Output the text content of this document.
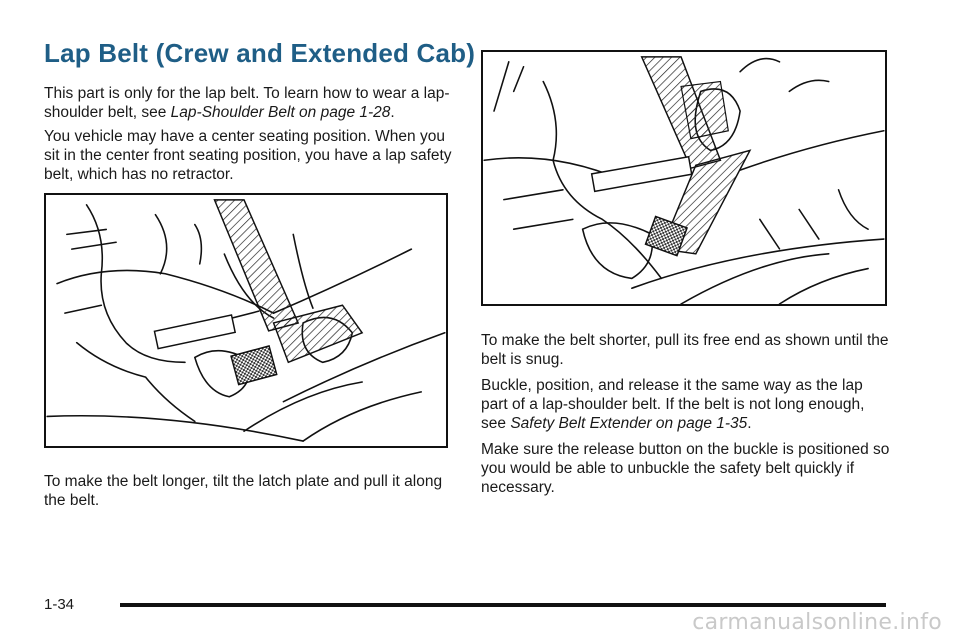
Lap Belt (Crew and Extended Cab)

This part is only for the lap belt. To learn how to wear a lap-shoulder belt, see Lap-Shoulder Belt on page 1-28.

You vehicle may have a center seating position. When you sit in the center front seating position, you have a lap safety belt, which has no retractor.

To make the belt longer, tilt the latch plate and pull it along the belt.

To make the belt shorter, pull its free end as shown until the belt is snug.

Buckle, position, and release it the same way as the lap part of a lap-shoulder belt. If the belt is not long enough, see Safety Belt Extender on page 1-35.

Make sure the release button on the buckle is positioned so you would be able to unbuckle the safety belt quickly if necessary.

1-34
carmanualsonline.info
